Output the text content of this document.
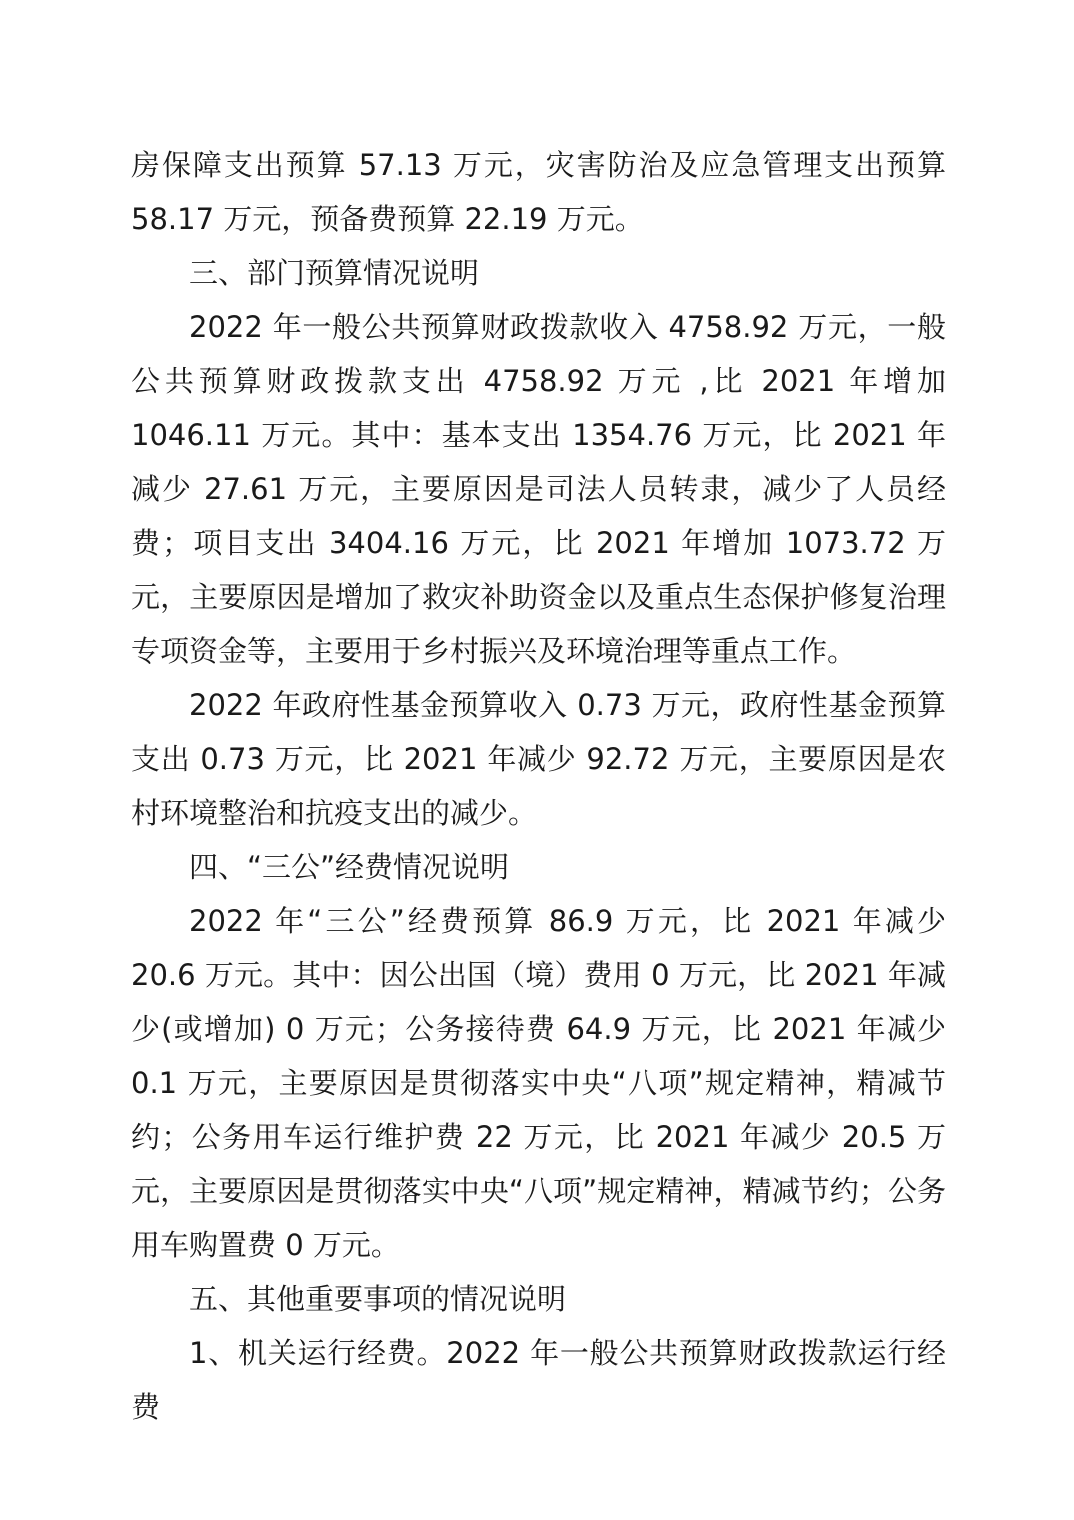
房保障支出预算 57.13 万元，灾害防治及应急管理支出预算 58.17 万元，预备费预算 22.19 万元。

三、部门预算情况说明

2022 年一般公共预算财政拨款收入 4758.92 万元，一般公共预算财政拨款支出 4758.92 万元 ,比 2021 年增加 1046.11 万元。其中：基本支出 1354.76 万元，比 2021 年减少 27.61 万元，主要原因是司法人员转隶，减少了人员经费；项目支出 3404.16 万元，比 2021 年增加 1073.72 万元，主要原因是增加了救灾补助资金以及重点生态保护修复治理专项资金等，主要用于乡村振兴及环境治理等重点工作。

2022 年政府性基金预算收入 0.73 万元，政府性基金预算支出 0.73 万元，比 2021 年减少 92.72 万元，主要原因是农村环境整治和抗疫支出的减少。

四、“三公”经费情况说明

2022 年“三公”经费预算 86.9 万元，比 2021 年减少 20.6 万元。其中：因公出国（境）费用 0 万元，比 2021 年减少(或增加) 0 万元；公务接待费 64.9 万元，比 2021 年减少 0.1 万元，主要原因是贯彻落实中央“八项”规定精神，精减节约；公务用车运行维护费 22 万元，比 2021 年减少 20.5 万元，主要原因是贯彻落实中央“八项”规定精神，精减节约；公务用车购置费 0 万元。

五、其他重要事项的情况说明

1、机关运行经费。2022 年一般公共预算财政拨款运行经费
